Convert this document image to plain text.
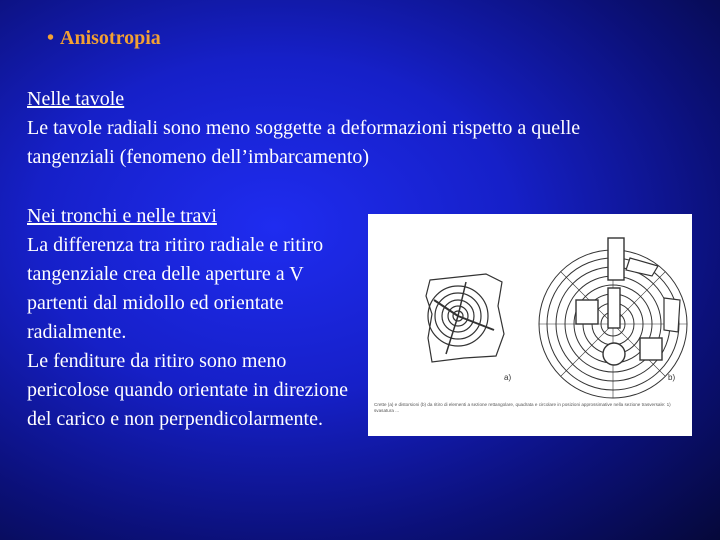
• Anisotropia
Nelle tavole
Le tavole radiali sono meno soggette a deformazioni rispetto a quelle tangenziali (fenomeno dell’imbarcamento)
Nei tronchi e nelle travi
La differenza tra ritiro radiale e ritiro tangenziale crea delle aperture a V partenti dal midollo ed orientate radialmente.
Le fenditure da ritiro sono meno pericolose quando orientate in direzione del carico e non perpendicolarmente.
a)	b)
Crette (a) e distorsioni (b) da ritiro di elementi a sezione rettangolare, quadrata e circolare in posizioni approssimative nella sezione trasversale: 1) svasatura ...
